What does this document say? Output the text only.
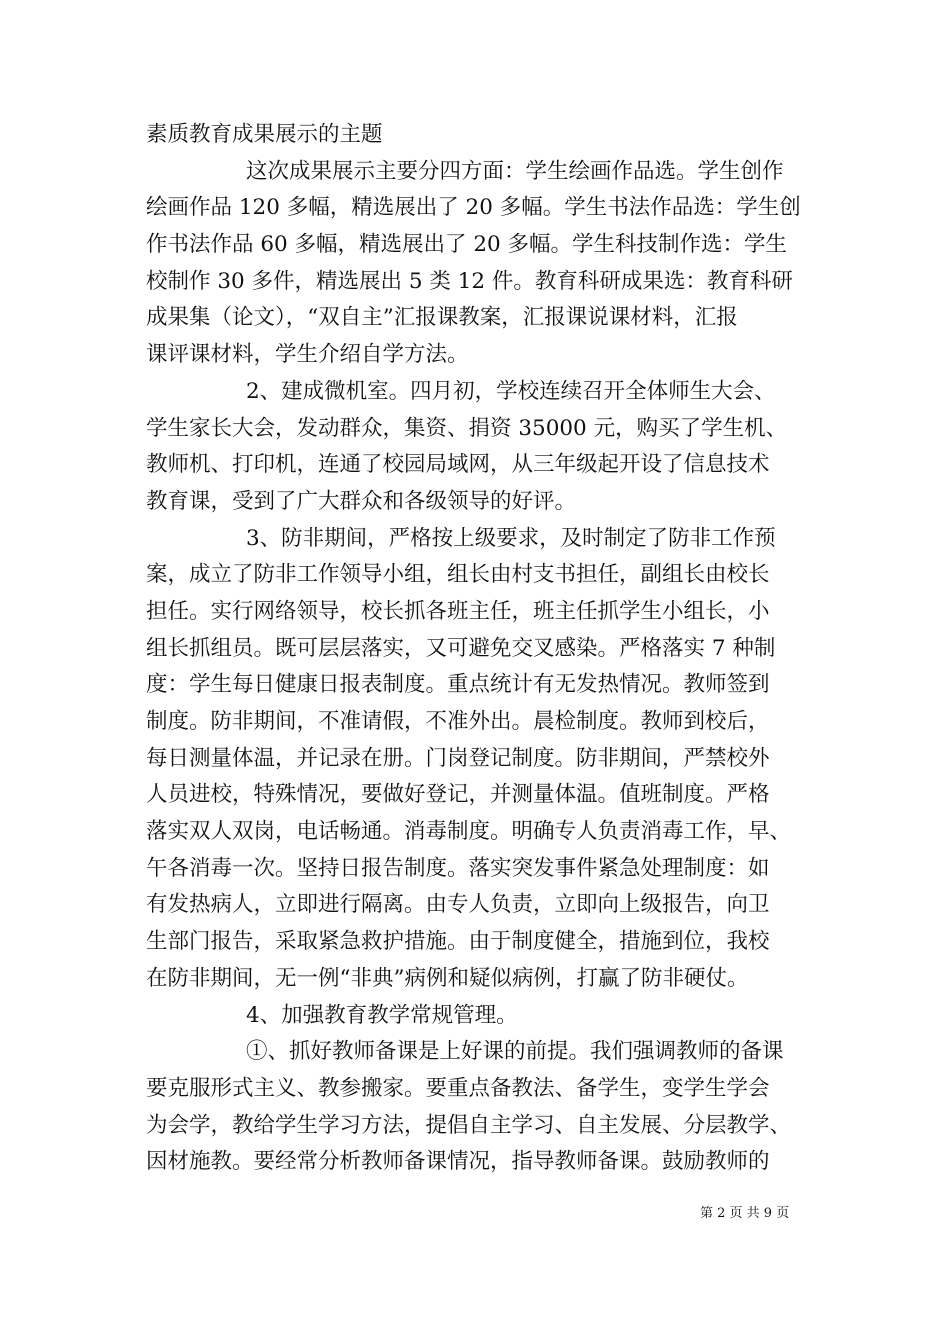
素质教育成果展示的主题
这次成果展示主要分四方面：学生绘画作品选。学生创作
绘画作品 120 多幅，精选展出了 20 多幅。学生书法作品选：学生创
作书法作品 60 多幅，精选展出了 20 多幅。学生科技制作选：学生
校制作 30 多件，精选展出 5 类 12 件。教育科研成果选：教育科研
成果集（论文），“双自主”汇报课教案，汇报课说课材料，汇报
课评课材料，学生介绍自学方法。
2、建成微机室。四月初，学校连续召开全体师生大会、
学生家长大会，发动群众，集资、捐资 35000 元，购买了学生机、
教师机、打印机，连通了校园局域网，从三年级起开设了信息技术
教育课，受到了广大群众和各级领导的好评。
3、防非期间，严格按上级要求，及时制定了防非工作预
案，成立了防非工作领导小组，组长由村支书担任，副组长由校长
担任。实行网络领导，校长抓各班主任，班主任抓学生小组长，小
组长抓组员。既可层层落实，又可避免交叉感染。严格落实 7 种制
度：学生每日健康日报表制度。重点统计有无发热情况。教师签到
制度。防非期间，不准请假，不准外出。晨检制度。教师到校后，
每日测量体温，并记录在册。门岗登记制度。防非期间，严禁校外
人员进校，特殊情况，要做好登记，并测量体温。值班制度。严格
落实双人双岗，电话畅通。消毒制度。明确专人负责消毒工作，早、
午各消毒一次。坚持日报告制度。落实突发事件紧急处理制度：如
有发热病人，立即进行隔离。由专人负责，立即向上级报告，向卫
生部门报告，采取紧急救护措施。由于制度健全，措施到位，我校
在防非期间，无一例“非典”病例和疑似病例，打赢了防非硬仗。
4、加强教育教学常规管理。
①、抓好教师备课是上好课的前提。我们强调教师的备课
要克服形式主义、教参搬家。要重点备教法、备学生，变学生学会
为会学，教给学生学习方法，提倡自主学习、自主发展、分层教学、
因材施教。要经常分析教师备课情况，指导教师备课。鼓励教师的
第 2 页 共 9 页
